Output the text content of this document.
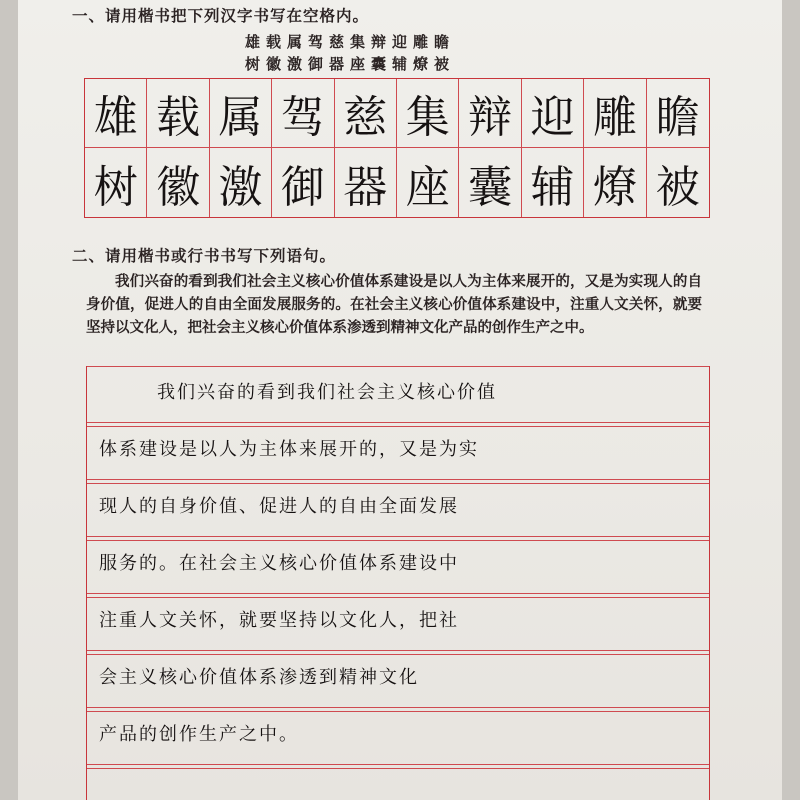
一、请用楷书把下列汉字书写在空格内。
雄载属驾慈集辩迎雕瞻
树徽激御器座囊辅燎被
雄 载 属 驾 慈 集 辩 迎 雕 瞻
树 徽 激 御 器 座 囊 辅 燎 被
二、请用楷书或行书书写下列语句。
我们兴奋的看到我们社会主义核心价值体系建设是以人为主体来展开的，又是为实现人的自身价值，促进人的自由全面发展服务的。在社会主义核心价值体系建设中，注重人文关怀，就要坚持以文化人，把社会主义核心价值体系渗透到精神文化产品的创作生产之中。
我们兴奋的看到我们社会主义核心价值
体系建设是以人为主体来展开的，又是为实
现人的自身价值、促进人的自由全面发展
服务的。在社会主义核心价值体系建设中
注重人文关怀，就要坚持以文化人，把社
会主义核心价值体系渗透到精神文化
产品的创作生产之中。
